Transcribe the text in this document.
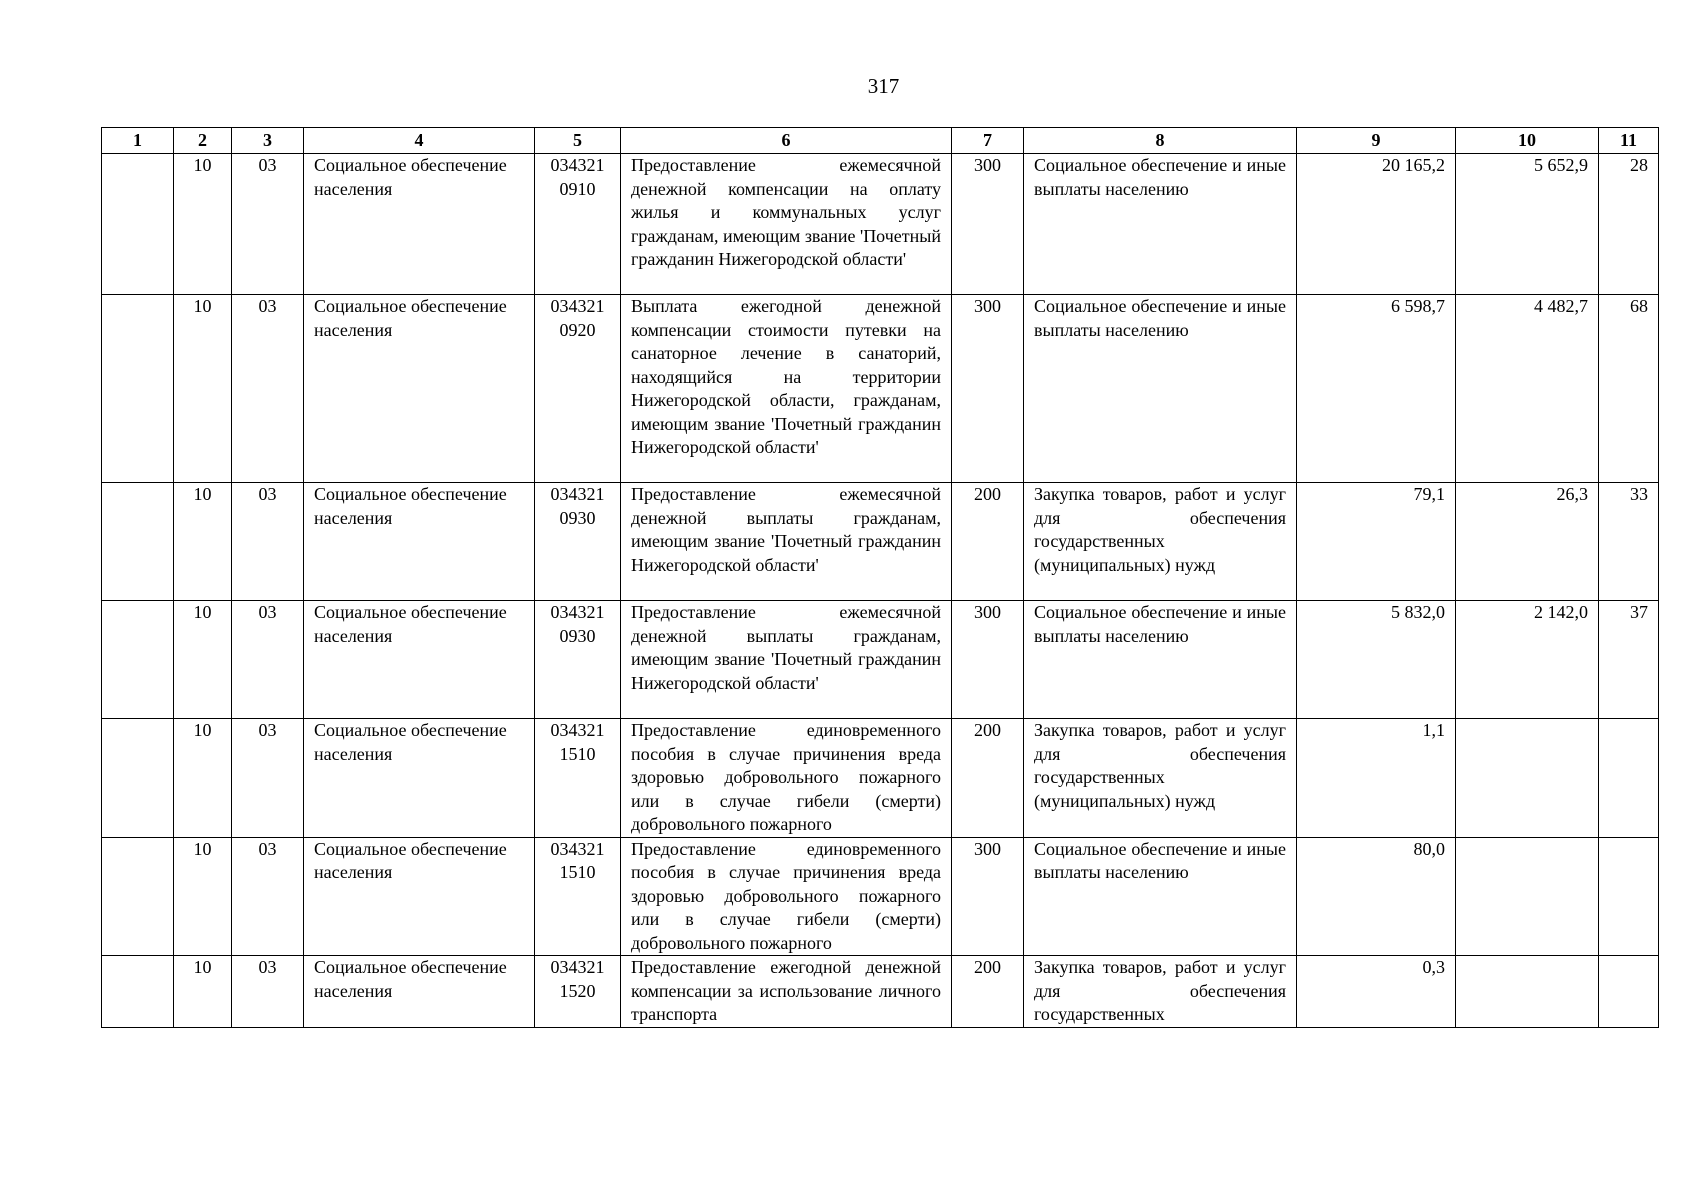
317
1	2	3	4	5	6	7	8	9	10	11
	10	03	Социальное обеспечение населения	034321 0910	Предоставление ежемесячной денежной компенсации на оплату жилья и коммунальных услуг гражданам, имеющим звание 'Почетный гражданин Нижегородской области'	300	Социальное обеспечение и иные выплаты населению	20 165,2	5 652,9	28
	10	03	Социальное обеспечение населения	034321 0920	Выплата ежегодной денежной компенсации стоимости путевки на санаторное лечение в санаторий, находящийся на территории Нижегородской области, гражданам, имеющим звание 'Почетный гражданин Нижегородской области'	300	Социальное обеспечение и иные выплаты населению	6 598,7	4 482,7	68
	10	03	Социальное обеспечение населения	034321 0930	Предоставление ежемесячной денежной выплаты гражданам, имеющим звание 'Почетный гражданин Нижегородской области'	200	Закупка товаров, работ и услуг для обеспечения государственных (муниципальных) нужд	79,1	26,3	33
	10	03	Социальное обеспечение населения	034321 0930	Предоставление ежемесячной денежной выплаты гражданам, имеющим звание 'Почетный гражданин Нижегородской области'	300	Социальное обеспечение и иные выплаты населению	5 832,0	2 142,0	37
	10	03	Социальное обеспечение населения	034321 1510	Предоставление единовременного пособия в случае причинения вреда здоровью добровольного пожарного или в случае гибели (смерти) добровольного пожарного	200	Закупка товаров, работ и услуг для обеспечения государственных (муниципальных) нужд	1,1		
	10	03	Социальное обеспечение населения	034321 1510	Предоставление единовременного пособия в случае причинения вреда здоровью добровольного пожарного или в случае гибели (смерти) добровольного пожарного	300	Социальное обеспечение и иные выплаты населению	80,0		
	10	03	Социальное обеспечение населения	034321 1520	Предоставление ежегодной денежной компенсации за использование личного транспорта	200	Закупка товаров, работ и услуг для обеспечения государственных	0,3		
